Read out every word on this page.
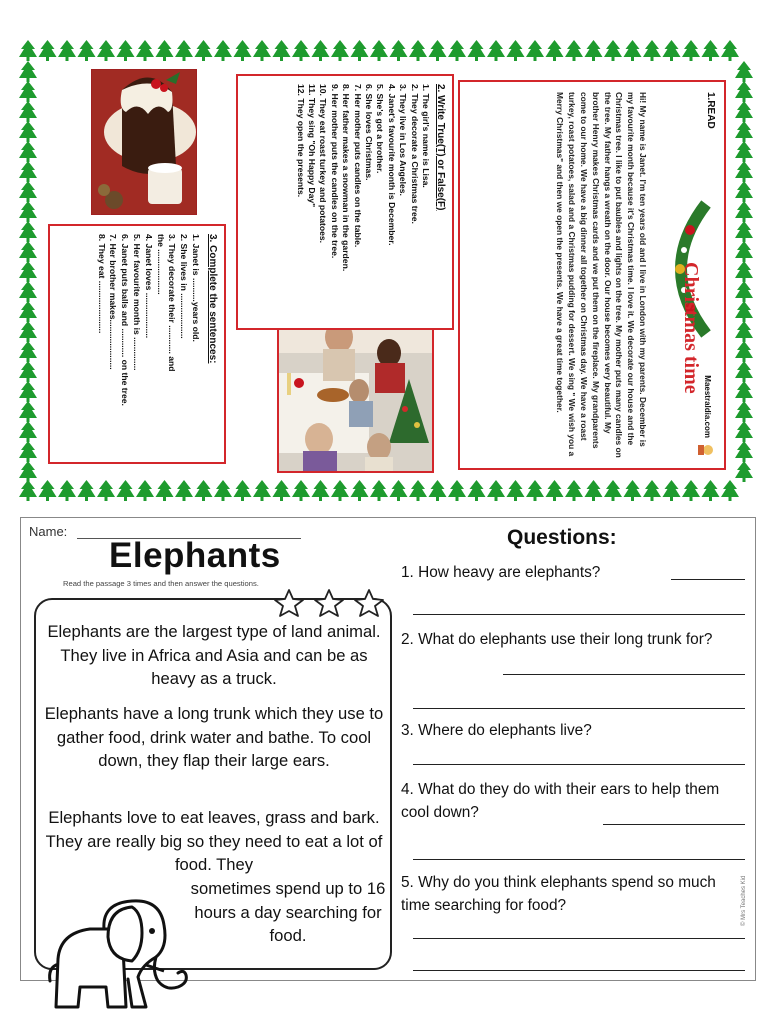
Christmas time
Maestraldia.com
1.READ
Hi! My name is Janet. I'm ten years old and I live in London with my parents. December is my favourite month because it's Christmas time. I love it. We decorate our house and the Christmas tree. I like to put baubles and lights on the tree. My mother puts many candles on the tree. My father hangs a wreath on the door. Our house becomes very beautiful. My brother Henry makes Christmas cards and we put them on the fireplace. My grandparents come to our home. We have a big dinner all together on Christmas day. We have a roast turkey, roast potatoes, salad and a Christmas pudding for dessert. We sing " We wish you a Merry Christmas" and then we open the presents. We have a great time together.
2. Write True(T) or False(F)
1. The girl's name is Lisa.
2. They decorate a Christmas tree.
3. They live in Los Angeles.
4. Janet's favourite month is December.
5. She's got a brother.
6. She loves Christmas.
7. Her mother puts candles on the table.
8. Her father makes a snowman in the garden.
9. Her mother puts the candles on the tree.
10. They eat roast turkey and potatoes.
11. They sing "Oh Happy Day"
12. They open the presents.
3. Complete the sentences:
1. Janet is ..........years old.
2. She lives in ...................
3. They decorate their ............ and
the ...................
4. Janet loves ...................
5. Her favourite month is ..............
6. Janet puts balls and ............ on the tree.
7. Her brother makes.....................
8. They eat ......................
Name:
Elephants
Read the passage 3 times and then answer the questions.
Elephants are the largest type of land animal. They live in Africa and Asia and can be as heavy as a truck.
Elephants have a long trunk which they use to gather food, drink water and bathe. To cool down, they flap their large ears.
Elephants love to eat leaves, grass and bark. They are really big so they need to eat a lot of food. They
sometimes spend up to 16 hours a day searching for food.
Questions:
1. How heavy are elephants?
2. What do elephants use their long trunk for?
3. Where do elephants live?
4. What do they do with their ears to help them cool down?
5. Why do you think elephants spend so much time searching for food?	© Mrs Teaches Kid
